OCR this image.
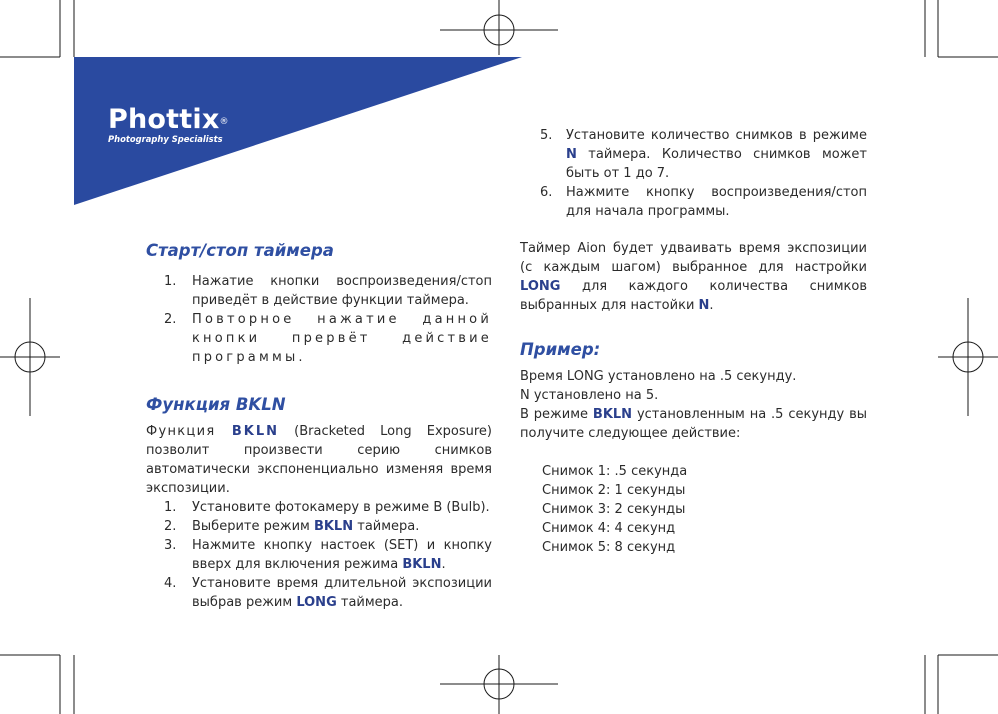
Phottix®
Photography Specialists
Старт/стоп таймера
1. Нажатие кнопки воспроизведения/стоп приведёт в действие функции таймера.
2. Повторное нажатие данной кнопки прервёт действие программы.
Функция BKLN

Функция BKLN (Bracketed Long Exposure) позволит произвести серию снимков автоматически экспоненциально изменяя время экспозиции.

1. Установите фотокамеру в режиме B (Bulb).
2. Выберите режим BKLN таймера.
3. Нажмите кнопку настоек (SET) и кнопку вверх для включения режима BKLN.
4. Установите время длительной экспозиции выбрав режим LONG таймера.
5. Установите количество снимков в режиме N таймера. Количество снимков может быть от 1 до 7.
6. Нажмите кнопку воспроизведения/стоп для начала программы.

Таймер Aion будет удваивать время экспозиции (с каждым шагом) выбранное для настройки LONG для каждого количества снимков выбранных для настойки N.

Пример:
Время LONG установлено на .5 секунду.
N установлено на 5.

В режиме BKLN установленным на .5 секунду вы получите следующее действие:

Снимок 1: .5 секунда
Снимок 2: 1 секунды
Снимок 3: 2 секунды
Снимок 4: 4 секунд
Снимок 5: 8 секунд
